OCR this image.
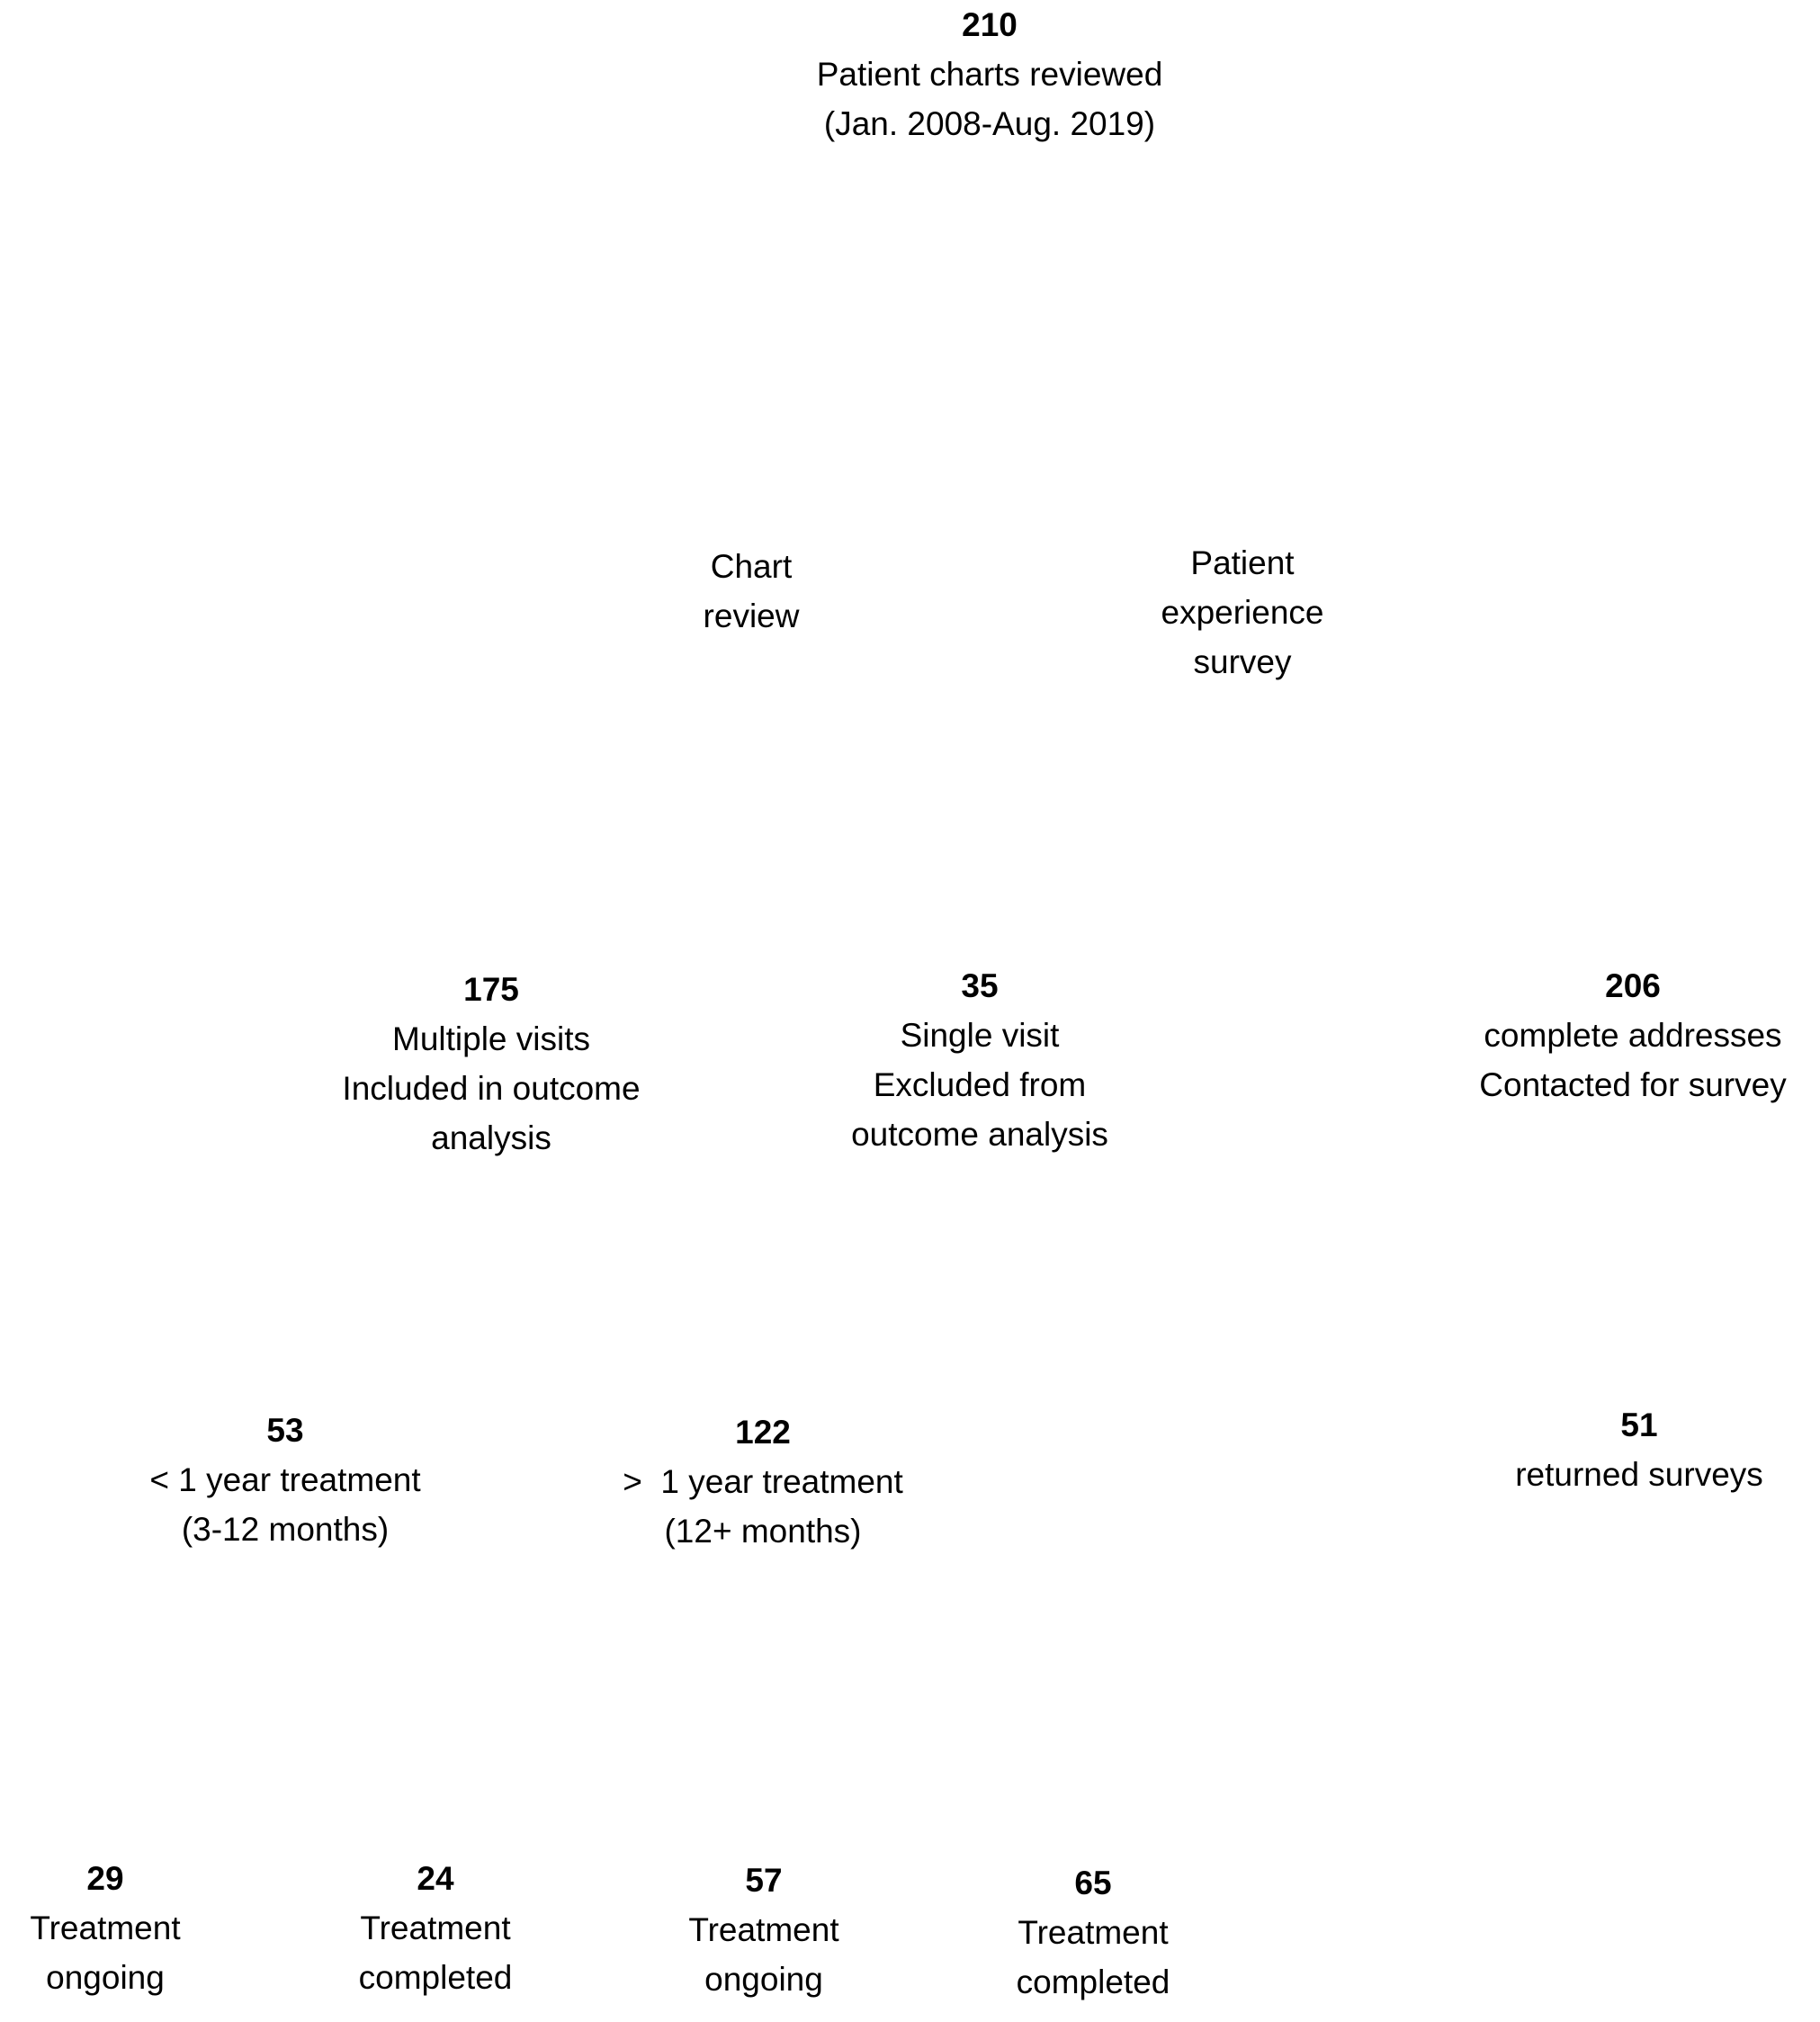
210
Patient charts reviewed
(Jan. 2008-Aug. 2019)
Chart
review
Patient
experience
survey
175
Multiple visits
Included in outcome
analysis
35
Single visit
Excluded from
outcome analysis
206
complete addresses
Contacted for survey
53
< 1 year treatment
(3-12 months)
122
>  1 year treatment
(12+ months)
51
returned surveys
29
Treatment
ongoing
24
Treatment
completed
57
Treatment
ongoing
65
Treatment
completed
